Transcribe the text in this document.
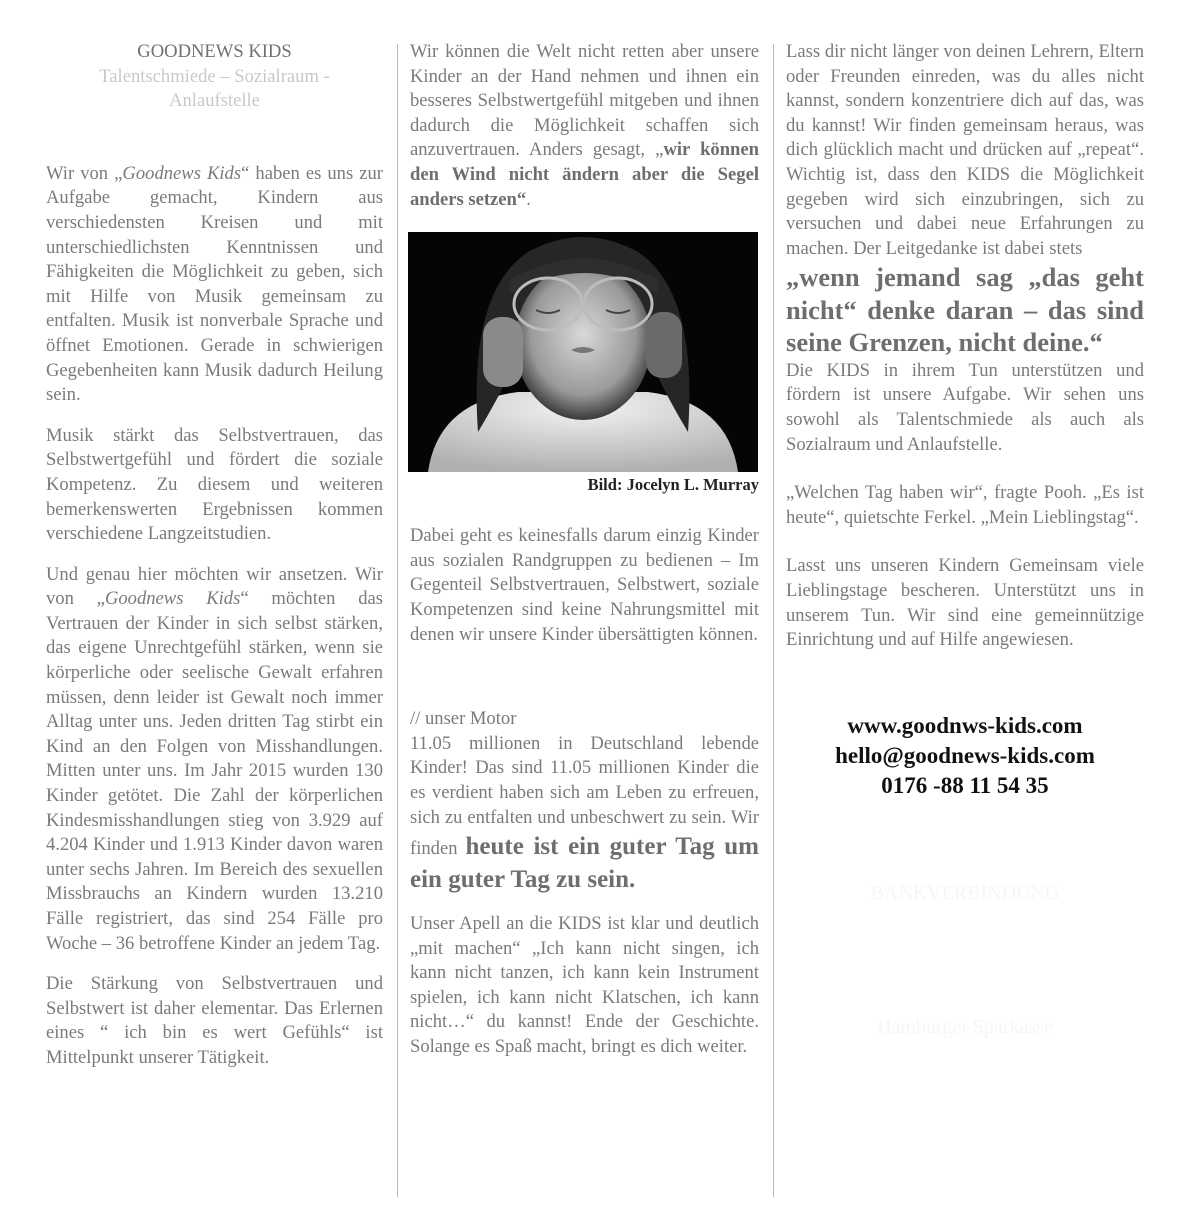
GOODNEWS KIDS
Talentschmiede – Sozialraum -
Anlaufstelle

Wir von „Goodnews Kids“ haben es uns zur Aufgabe gemacht, Kindern aus verschiedensten Kreisen und mit unterschiedlichsten Kenntnissen und Fähigkeiten die Möglichkeit zu geben, sich mit Hilfe von Musik gemeinsam zu entfalten. Musik ist nonverbale Sprache und öffnet Emotionen. Gerade in schwierigen Gegebenheiten kann Musik dadurch Heilung sein.

Musik stärkt das Selbstvertrauen, das Selbstwertgefühl und fördert die soziale Kompetenz. Zu diesem und weiteren bemerkenswerten Ergebnissen kommen verschiedene Langzeitstudien.

Und genau hier möchten wir ansetzen. Wir von „Goodnews Kids“ möchten das Vertrauen der Kinder in sich selbst stärken, das eigene Unrechtgefühl stärken, wenn sie körperliche oder seelische Gewalt erfahren müssen, denn leider ist Gewalt noch immer Alltag unter uns. Jeden dritten Tag stirbt ein Kind an den Folgen von Misshandlungen. Mitten unter uns. Im Jahr 2015 wurden 130 Kinder getötet. Die Zahl der körperlichen Kindesmisshandlungen stieg von 3.929 auf 4.204 Kinder und 1.913 Kinder davon waren unter sechs Jahren. Im Bereich des sexuellen Missbrauchs an Kindern wurden 13.210 Fälle registriert, das sind 254 Fälle pro Woche – 36 betroffene Kinder an jedem Tag.

Die Stärkung von Selbstvertrauen und Selbstwert ist daher elementar. Das Erlernen eines “ ich bin es wert Gefühls“ ist Mittelpunkt unserer Tätigkeit.

Wir können die Welt nicht retten aber unsere Kinder an der Hand nehmen und ihnen ein besseres Selbstwertgefühl mitgeben und ihnen dadurch die Möglichkeit schaffen sich anzuvertrauen. Anders gesagt, „wir können den Wind nicht ändern aber die Segel anders setzen“.

Bild: Jocelyn L. Murray

Dabei geht es keinesfalls darum einzig Kinder aus sozialen Randgruppen zu bedienen – Im Gegenteil Selbstvertrauen, Selbstwert, soziale Kompetenzen sind keine Nahrungsmittel mit denen wir unsere Kinder übersättigten können.

// unser Motor

11.05 millionen in Deutschland lebende Kinder! Das sind 11.05 millionen Kinder die es verdient haben sich am Leben zu erfreuen, sich zu entfalten und unbeschwert zu sein. Wir finden heute ist ein guter Tag um ein guter Tag zu sein.

Unser Apell an die KIDS ist klar und deutlich „mit machen“ „Ich kann nicht singen, ich kann nicht tanzen, ich kann kein Instrument spielen, ich kann nicht Klatschen, ich kann nicht…“ du kannst! Ende der Geschichte. Solange es Spaß macht, bringt es dich weiter.

Lass dir nicht länger von deinen Lehrern, Eltern oder Freunden einreden, was du alles nicht kannst, sondern konzentriere dich auf das, was du kannst! Wir finden gemeinsam heraus, was dich glücklich macht und drücken auf „repeat“. Wichtig ist, dass den KIDS die Möglichkeit gegeben wird sich einzubringen, sich zu versuchen und dabei neue Erfahrungen zu machen. Der Leitgedanke ist dabei stets

„wenn jemand sag „das geht
nicht“ denke daran – das sind
seine Grenzen, nicht deine.“

Die KIDS in ihrem Tun unterstützen und fördern ist unsere Aufgabe. Wir sehen uns sowohl als Talentschmiede als auch als Sozialraum und Anlaufstelle.

„Welchen Tag haben wir“, fragte Pooh. „Es ist heute“, quietschte Ferkel. „Mein Lieblingstag“.

Lasst uns unseren Kindern Gemeinsam viele Lieblingstage bescheren. Unterstützt uns in unserem Tun. Wir sind eine gemeinnützige Einrichtung und auf Hilfe angewiesen.

www.goodnws-kids.com
hello@goodnews-kids.com
0176 -88 11 54 35
BANKVERBINDUNG
Hamburger Sparkasse
